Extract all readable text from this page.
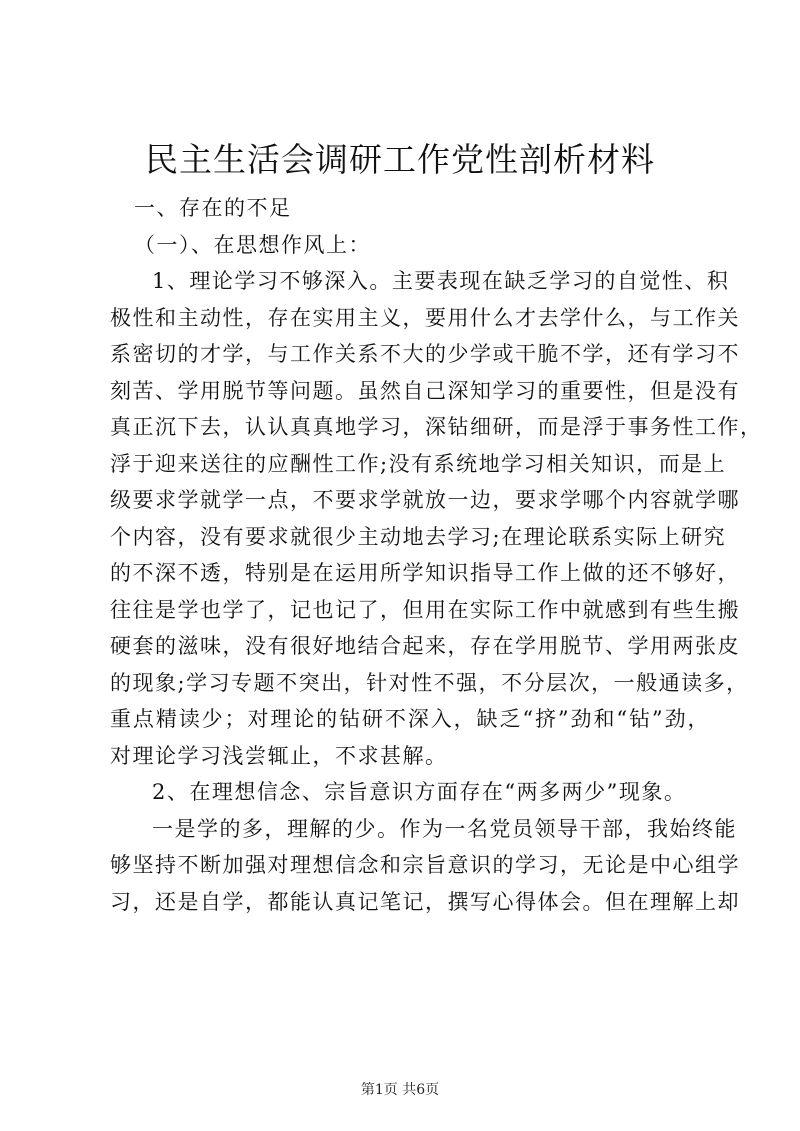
民主生活会调研工作党性剖析材料
一、存在的不足
（一）、在思想作风上：
1、理论学习不够深入。主要表现在缺乏学习的自觉性、积
极性和主动性，存在实用主义，要用什么才去学什么，与工作关
系密切的才学，与工作关系不大的少学或干脆不学，还有学习不
刻苦、学用脱节等问题。虽然自己深知学习的重要性，但是没有
真正沉下去，认认真真地学习，深钻细研，而是浮于事务性工作，
浮于迎来送往的应酬性工作;没有系统地学习相关知识，而是上
级要求学就学一点，不要求学就放一边，要求学哪个内容就学哪
个内容，没有要求就很少主动地去学习;在理论联系实际上研究
的不深不透，特别是在运用所学知识指导工作上做的还不够好，
往往是学也学了，记也记了，但用在实际工作中就感到有些生搬
硬套的滋味，没有很好地结合起来，存在学用脱节、学用两张皮
的现象;学习专题不突出，针对性不强，不分层次，一般通读多，
重点精读少；对理论的钻研不深入，缺乏“挤”劲和“钻”劲，
对理论学习浅尝辄止，不求甚解。
2、在理想信念、宗旨意识方面存在“两多两少”现象。
一是学的多，理解的少。作为一名党员领导干部，我始终能
够坚持不断加强对理想信念和宗旨意识的学习，无论是中心组学
习，还是自学，都能认真记笔记，撰写心得体会。但在理解上却
第1页 共6页
